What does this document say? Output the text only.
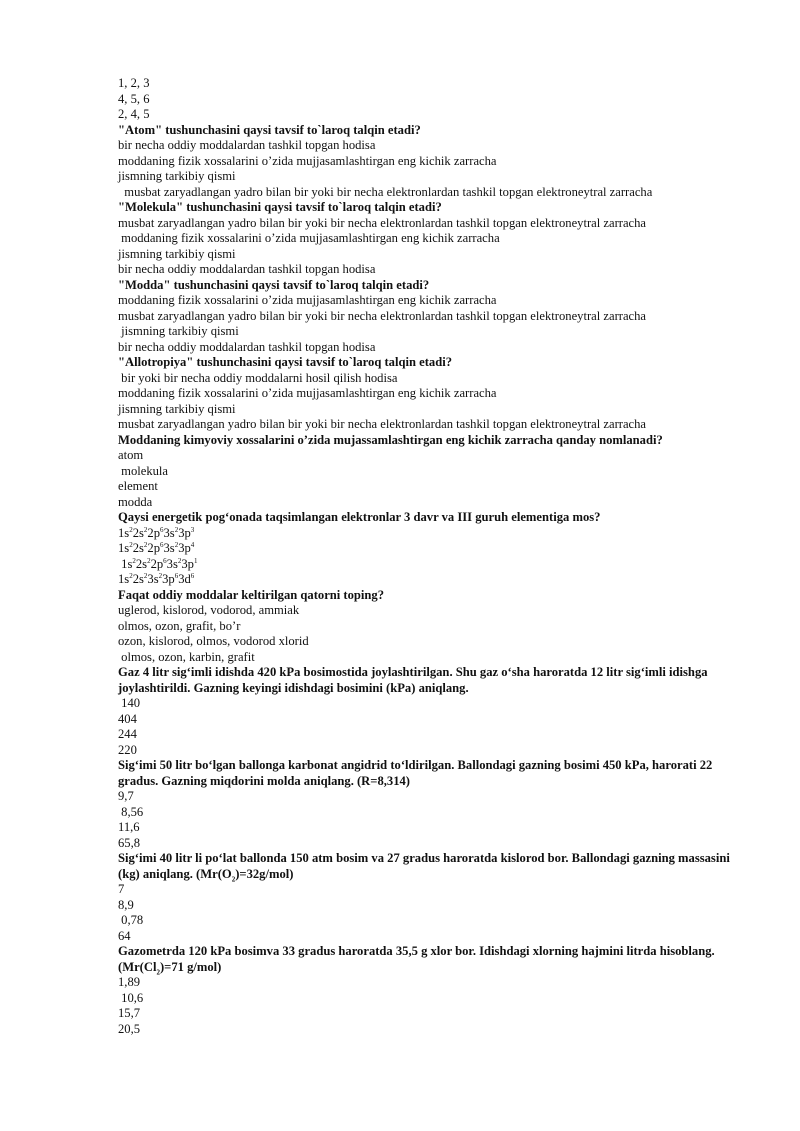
1, 2, 3

4, 5, 6

2, 4, 5

"Atom" tushunchasini qaysi tavsif to`laroq talqin etadi?

bir necha oddiy moddalardan tashkil topgan hodisa

moddaning fizik xossalarini o’zida mujjasamlashtirgan eng kichik zarracha

jismning tarkibiy qismi

musbat zaryadlangan yadro bilan bir yoki bir necha elektronlardan tashkil topgan elektroneytral zarracha

"Molekula" tushunchasini qaysi tavsif to`laroq talqin etadi?

musbat zaryadlangan yadro bilan bir yoki bir necha elektronlardan tashkil topgan elektroneytral zarracha

moddaning fizik xossalarini o’zida mujjasamlashtirgan eng kichik zarracha

jismning tarkibiy qismi

bir necha oddiy moddalardan tashkil topgan hodisa

"Modda" tushunchasini qaysi tavsif to`laroq talqin etadi?

moddaning fizik xossalarini o’zida mujjasamlashtirgan eng kichik zarracha

musbat zaryadlangan yadro bilan bir yoki bir necha elektronlardan tashkil topgan elektroneytral zarracha

jismning tarkibiy qismi

bir necha oddiy moddalardan tashkil topgan hodisa

"Allotropiya" tushunchasini qaysi tavsif to`laroq talqin etadi?

bir yoki bir necha oddiy moddalarni hosil qilish hodisa

moddaning fizik xossalarini o’zida mujjasamlashtirgan eng kichik zarracha

jismning tarkibiy qismi

musbat zaryadlangan yadro bilan bir yoki bir necha elektronlardan tashkil topgan elektroneytral zarracha

Moddaning kimyoviy xossalarini o’zida mujassamlashtirgan eng kichik zarracha qanday nomlanadi?

atom

molekula

element

modda

Qaysi energetik pog‘onada taqsimlangan elektronlar 3 davr va III guruh elementiga mos?

$1s^22s^22p^63s^23p^3$

$1s^22s^22p^63s^23p^4$

$1s^22s^22p^63s^23p^1$

$1s^22s^23s^23p^63d^6$

Faqat oddiy moddalar keltirilgan qatorni toping?

uglerod, kislorod, vodorod, ammiak

olmos, ozon, grafit, bo’r

ozon, kislorod, olmos, vodorod xlorid

olmos, ozon, karbin, grafit

Gaz 4 litr sig‘imli idishda 420 kPa bosimostida joylashtirilgan. Shu gaz o‘sha haroratda 12 litr sig‘imli idishga joylashtirildi. Gazning keyingi idishdagi bosimini (kPa) aniqlang.

140

404

244

220

Sig‘imi 50 litr bo‘lgan ballonga karbonat angidrid to‘ldirilgan. Ballondagi gazning bosimi 450 kPa, harorati 22 gradus. Gazning miqdorini molda aniqlang. (R=8,314)

9,7

8,56

11,6

65,8

Sig‘imi 40 litr li po‘lat ballonda 150 atm bosim va 27 gradus haroratda kislorod bor. Ballondagi gazning massasini (kg) aniqlang. $(Mr(O_2)=32g/mol)$

7

8,9

0,78

64

Gazometrda 120 kPa bosimva 33 gradus haroratda 35,5 g xlor bor. Idishdagi xlorning hajmini litrda hisoblang.  ($Mr(Cl_2)=71$ g/mol)

1,89

10,6

15,7

20,5
